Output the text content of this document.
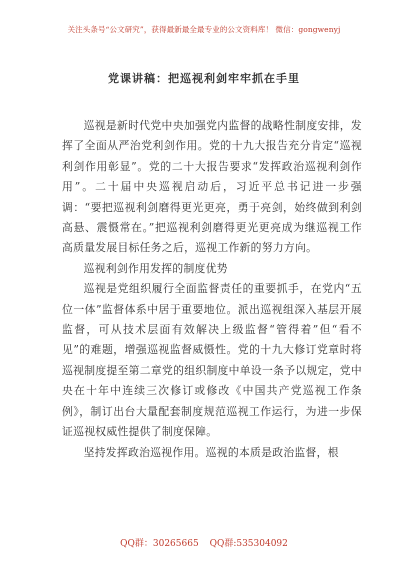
关注头条号“公文研究”，获得最新最全最专业的公文资料库！ 微信：gongwenyj
党课讲稿：把巡视利剑牢牢抓在手里

巡视是新时代党中央加强党内监督的战略性制度安排，发挥了全面从严治党利剑作用。党的十九大报告充分肯定“巡视利剑作用彰显”。党的二十大报告要求“发挥政治巡视利剑作用”。二十届中央巡视启动后，习近平总书记进一步强调：“要把巡视利剑磨得更光更亮，勇于亮剑，始终做到利剑高悬、震慑常在。”把巡视利剑磨得更光更亮成为继巡视工作高质量发展目标任务之后，巡视工作新的努力方向。

巡视利剑作用发挥的制度优势

巡视是党组织履行全面监督责任的重要抓手，在党内“五位一体”监督体系中居于重要地位。派出巡视组深入基层开展监督，可从技术层面有效解决上级监督“管得着”但“看不见”的难题，增强巡视监督威慑性。党的十九大修订党章时将巡视制度提至第二章党的组织制度中单设一条予以规定，党中央在十年中连续三次修订或修改《中国共产党巡视工作条例》，制订出台大量配套制度规范巡视工作运行，为进一步保证巡视权威性提供了制度保障。

坚持发挥政治巡视作用。巡视的本质是政治监督，根

QQ群：30265665 QQ群:535304092
